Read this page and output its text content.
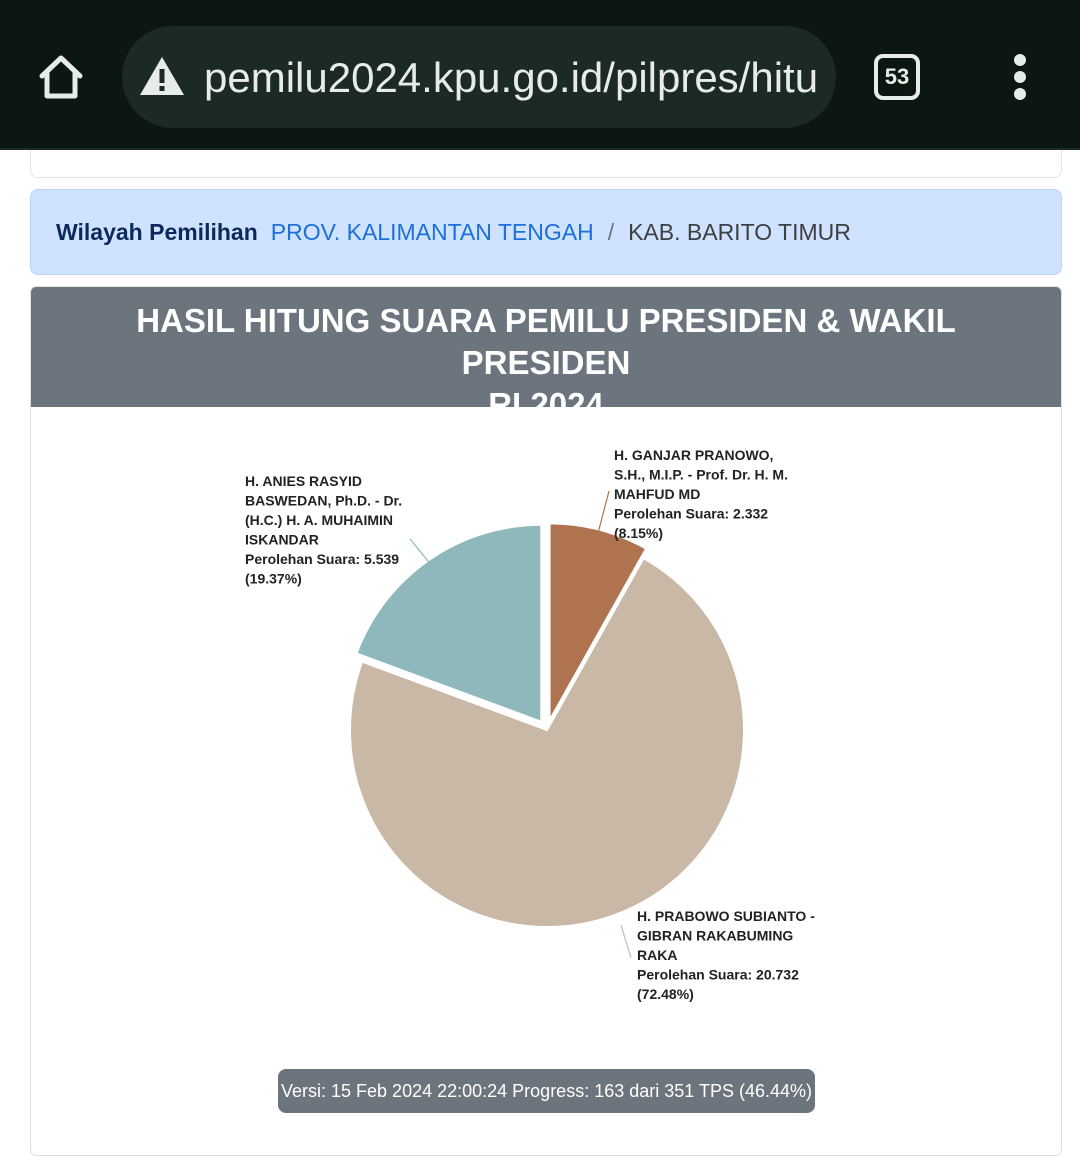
pemilu2024.kpu.go.id/pilpres/hitu	53
Wilayah Pemilihan PROV. KALIMANTAN TENGAH / KAB. BARITO TIMUR
HASIL HITUNG SUARA PEMILU PRESIDEN & WAKIL PRESIDEN
RI 2024
H. GANJAR PRANOWO, S.H., M.I.P. - Prof. Dr. H. M. MAHFUD MD Perolehan Suara: 2.332 (8.15%)
H. PRABOWO SUBIANTO -GIBRAN RAKABUMING RAKA Perolehan Suara: 20.732 (72.48%)
H. ANIES RASYID BASWEDAN, Ph.D. - Dr. (H.C.) H. A. MUHAIMIN ISKANDAR Perolehan Suara: 5.539 (19.37%)
Versi: 15 Feb 2024 22:00:24 Progress: 163 dari 351 TPS (46.44%)
